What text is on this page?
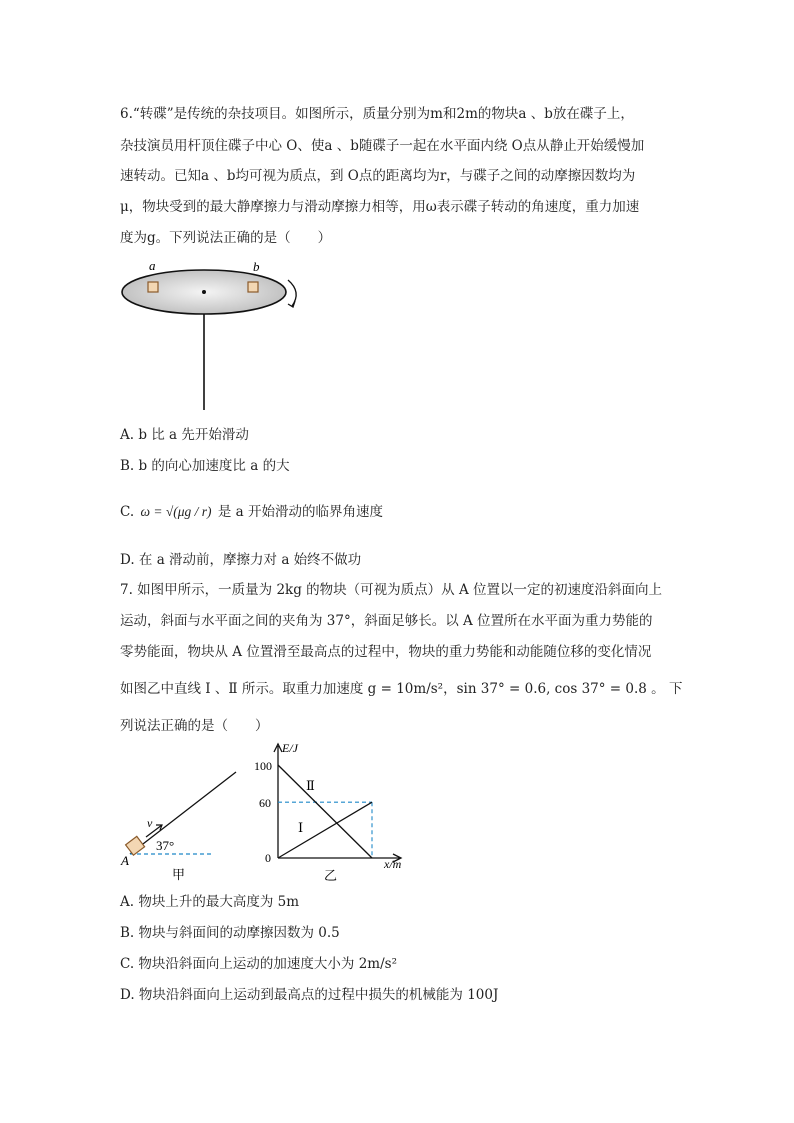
6.“转碟”是传统的杂技项目。如图所示，质量分别为m和2m的物块a 、b放在碟子上，
杂技演员用杆顶住碟子中心 O、使a 、b随碟子一起在水平面内绕 O点从静止开始缓慢加
速转动。已知a 、b均可视为质点，到 O点的距离均为r，与碟子之间的动摩擦因数均为
μ，物块受到的最大静摩擦力与滑动摩擦力相等，用ω表示碟子转动的角速度，重力加速
度为g。下列说法正确的是（　　）
a	b
A. b 比 a 先开始滑动
B. b 的向心加速度比 a 的大
C. ω = √(μg / r) 是 a 开始滑动的临界角速度
D. 在 a 滑动前，摩擦力对 a 始终不做功
7. 如图甲所示，一质量为 2kg 的物块（可视为质点）从 A 位置以一定的初速度沿斜面向上
运动，斜面与水平面之间的夹角为 37°，斜面足够长。以 A 位置所在水平面为重力势能的
零势能面，物块从 A 位置滑至最高点的过程中，物块的重力势能和动能随位移的变化情况
如图乙中直线 Ⅰ 、Ⅱ 所示。取重力加速度 g = 10m/s²，sin 37° = 0.6, cos 37° = 0.8 。 下
列说法正确的是（　　）
v
37°
A
甲
E/J
x/m
100
60
0
Ⅰ
Ⅱ
乙
A. 物块上升的最大高度为 5m
B. 物块与斜面间的动摩擦因数为 0.5
C. 物块沿斜面向上运动的加速度大小为 2m/s²
D. 物块沿斜面向上运动到最高点的过程中损失的机械能为 100J
